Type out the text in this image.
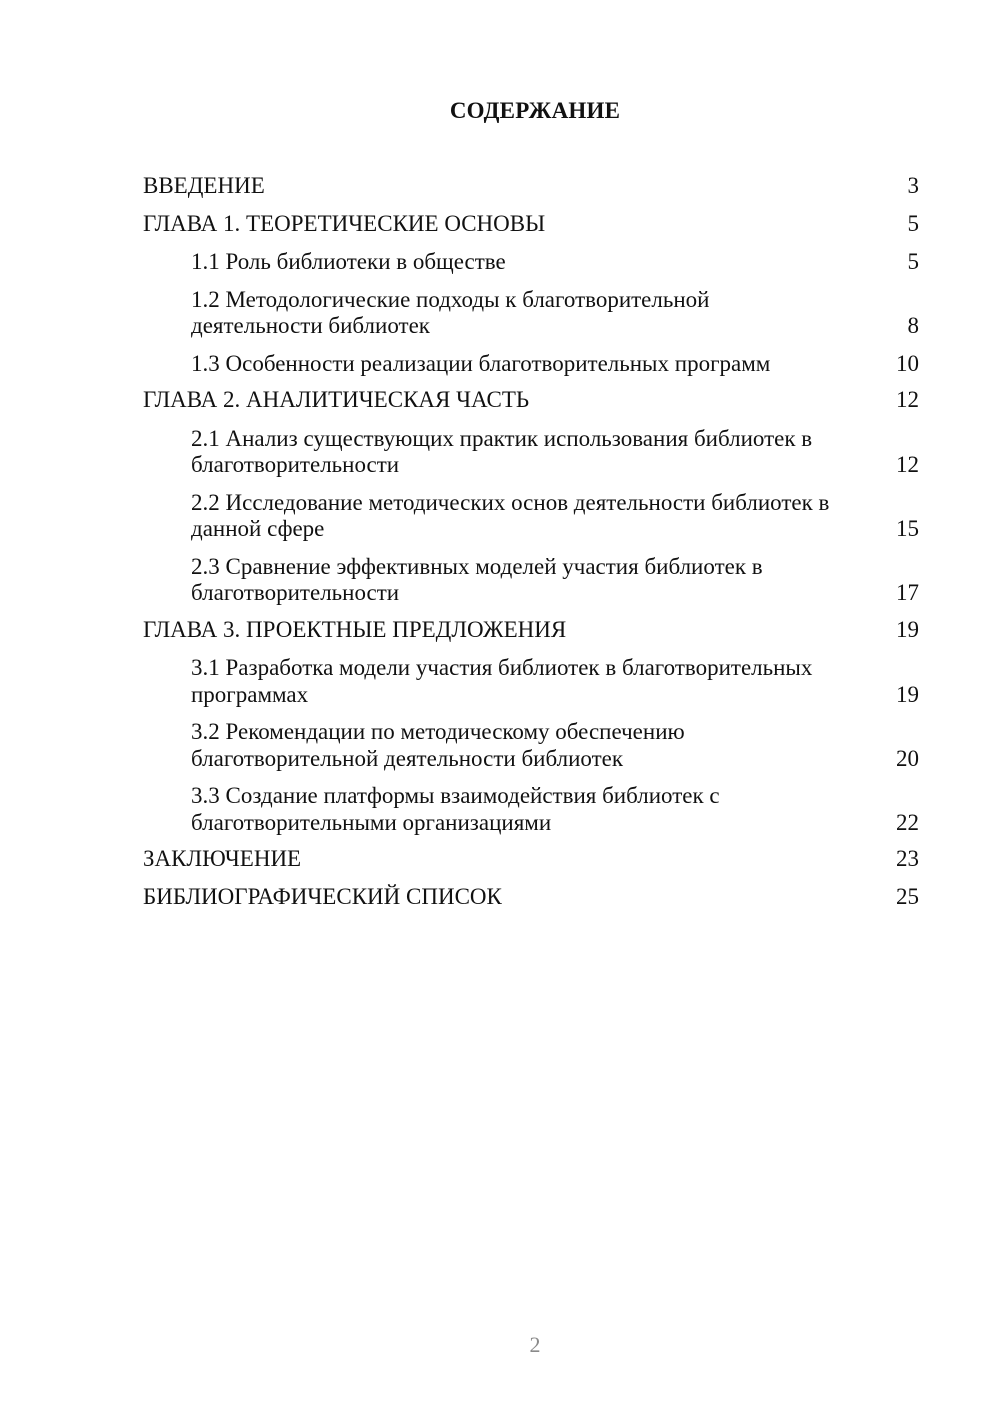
СОДЕРЖАНИЕ
ВВЕДЕНИЕ	3
ГЛАВА 1. ТЕОРЕТИЧЕСКИЕ ОСНОВЫ	5
1.1 Роль библиотеки в обществе	5
1.2 Методологические подходы к благотворительной деятельности библиотек	8
1.3 Особенности реализации благотворительных программ	10
ГЛАВА 2. АНАЛИТИЧЕСКАЯ ЧАСТЬ	12
2.1 Анализ существующих практик использования библиотек в благотворительности	12
2.2 Исследование методических основ деятельности библиотек в данной сфере	15
2.3 Сравнение эффективных моделей участия библиотек в благотворительности	17
ГЛАВА 3. ПРОЕКТНЫЕ ПРЕДЛОЖЕНИЯ	19
3.1 Разработка модели участия библиотек в благотворительных программах	19
3.2 Рекомендации по методическому обеспечению благотворительной деятельности библиотек	20
3.3 Создание платформы взаимодействия библиотек с благотворительными организациями	22
ЗАКЛЮЧЕНИЕ	23
БИБЛИОГРАФИЧЕСКИЙ СПИСОК	25
2
